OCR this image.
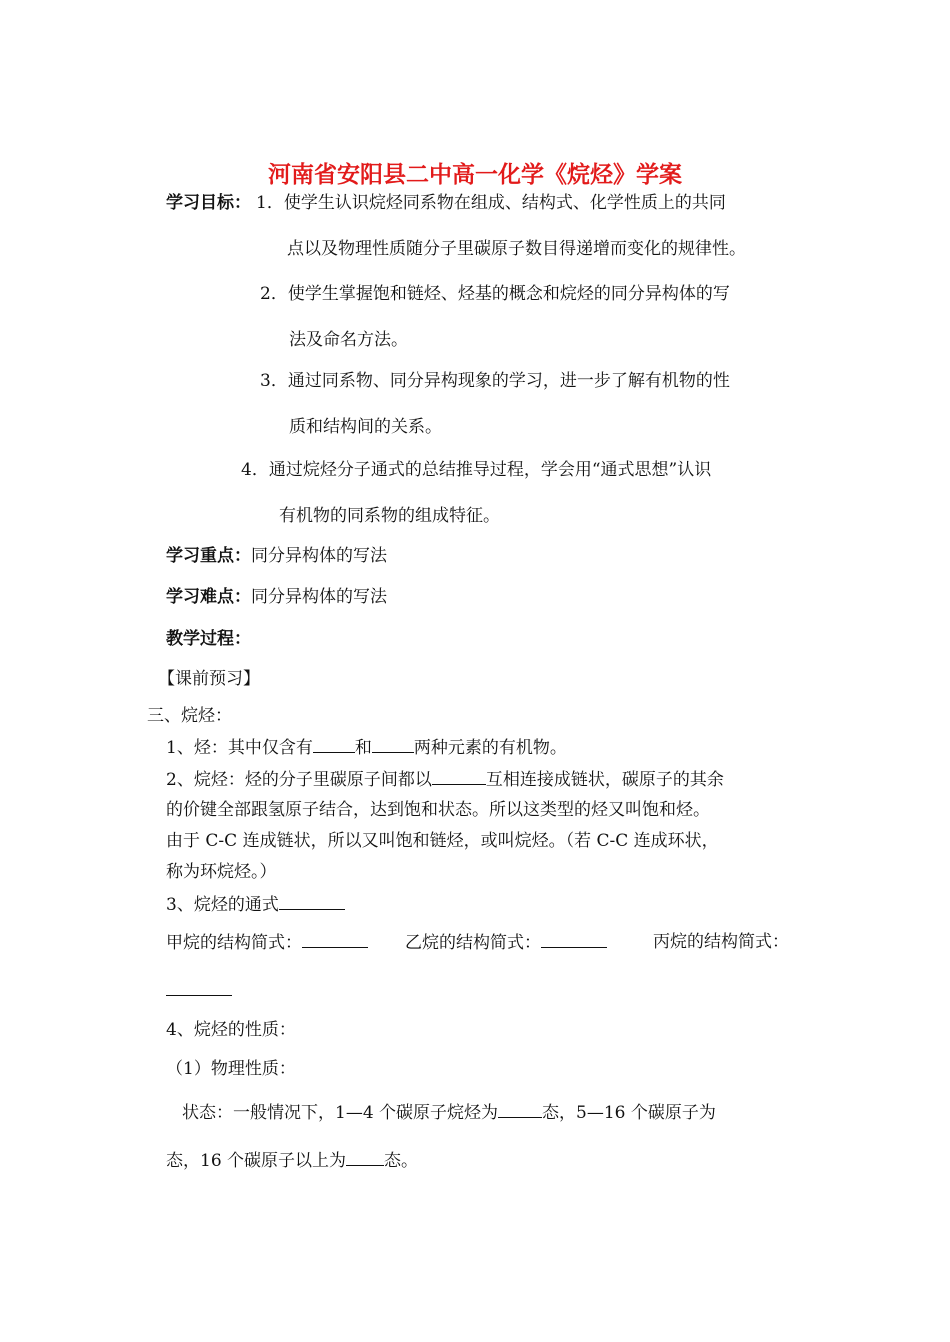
河南省安阳县二中高一化学《烷烃》学案
学习目标： 1．使学生认识烷烃同系物在组成、结构式、化学性质上的共同
点以及物理性质随分子里碳原子数目得递增而变化的规律性。
2．使学生掌握饱和链烃、烃基的概念和烷烃的同分异构体的写
法及命名方法。
3．通过同系物、同分异构现象的学习，进一步了解有机物的性
质和结构间的关系。
4．通过烷烃分子通式的总结推导过程，学会用“通式思想”认识
有机物的同系物的组成特征。
学习重点：同分异构体的写法
学习难点：同分异构体的写法
教学过程：
【课前预习】
三、烷烃：
1、烃：其中仅含有 和 两种元素的有机物。
2、烷烃：烃的分子里碳原子间都以	互相连接成链状，碳原子的其余
的价键全部跟氢原子结合，达到饱和状态。所以这类型的烃又叫饱和烃。
由于 C-C 连成链状，所以又叫饱和链烃，或叫烷烃。（若 C-C 连成环状，
称为环烷烃。）
3、烷烃的通式
甲烷的结构简式：	乙烷的结构简式：	丙烷的结构简式：
4、烷烃的性质：
（1）物理性质：
状态：一般情况下，1—4 个碳原子烷烃为	态，5—16 个碳原子为
态，16 个碳原子以上为 态。
